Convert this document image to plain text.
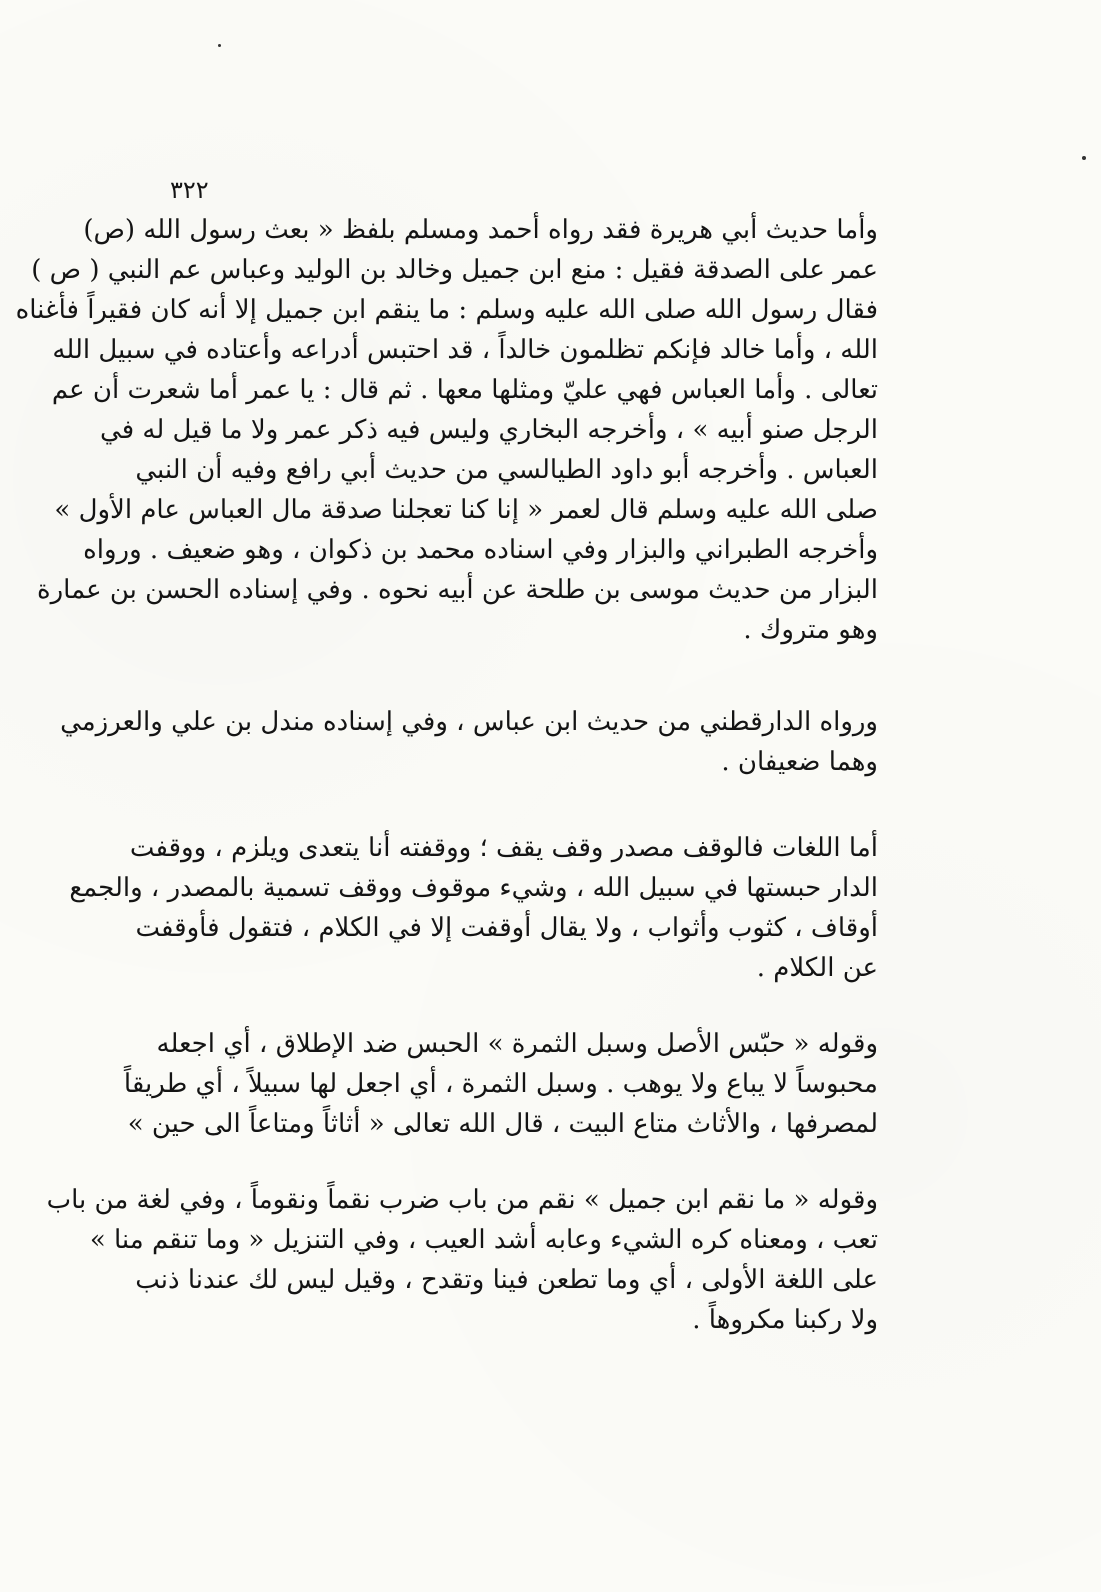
٣٢٢
وأما حديث أبي هريرة فقد رواه أحمد ومسلم بلفظ « بعث رسول الله (ص)
عمر على الصدقة فقيل : منع ابن جميل وخالد بن الوليد وعباس عم النبي ( ص )
فقال رسول الله صلى الله عليه وسلم : ما ينقم ابن جميل إلا أنه كان فقيراً فأغناه
الله ، وأما خالد فإنكم تظلمون خالداً ، قد احتبس أدراعه وأعتاده في سبيل الله
تعالى . وأما العباس فهي عليّ ومثلها معها . ثم قال : يا عمر أما شعرت أن عم
الرجل صنو أبيه » ، وأخرجه البخاري وليس فيه ذكر عمر ولا ما قيل له في
العباس . وأخرجه أبو داود الطيالسي من حديث أبي رافع وفيه أن النبي
صلى الله عليه وسلم قال لعمر « إنا كنا تعجلنا صدقة مال العباس عام الأول »
وأخرجه الطبراني والبزار وفي اسناده محمد بن ذكوان ، وهو ضعيف . ورواه
البزار من حديث موسى بن طلحة عن أبيه نحوه . وفي إسناده الحسن بن عمارة
وهو متروك .
ورواه الدارقطني من حديث ابن عباس ، وفي إسناده مندل بن علي والعرزمي
وهما ضعيفان .
أما اللغات فالوقف مصدر وقف يقف ؛ ووقفته أنا يتعدى ويلزم ، ووقفت
الدار حبستها في سبيل الله ، وشيء موقوف ووقف تسمية بالمصدر ، والجمع
أوقاف ، كثوب وأثواب ، ولا يقال أوقفت إلا في الكلام ، فتقول فأوقفت
عن الكلام .
وقوله « حبّس الأصل وسبل الثمرة » الحبس ضد الإطلاق ، أي اجعله
محبوساً لا يباع ولا يوهب . وسبل الثمرة ، أي اجعل لها سبيلاً ، أي طريقاً
لمصرفها ، والأثاث متاع البيت ، قال الله تعالى « أثاثاً ومتاعاً الى حين »
وقوله « ما نقم ابن جميل » نقم من باب ضرب نقماً ونقوماً ، وفي لغة من باب
تعب ، ومعناه كره الشيء وعابه أشد العيب ، وفي التنزيل « وما تنقم منا »
على اللغة الأولى ، أي وما تطعن فينا وتقدح ، وقيل ليس لك عندنا ذنب
ولا ركبنا مكروهاً .
